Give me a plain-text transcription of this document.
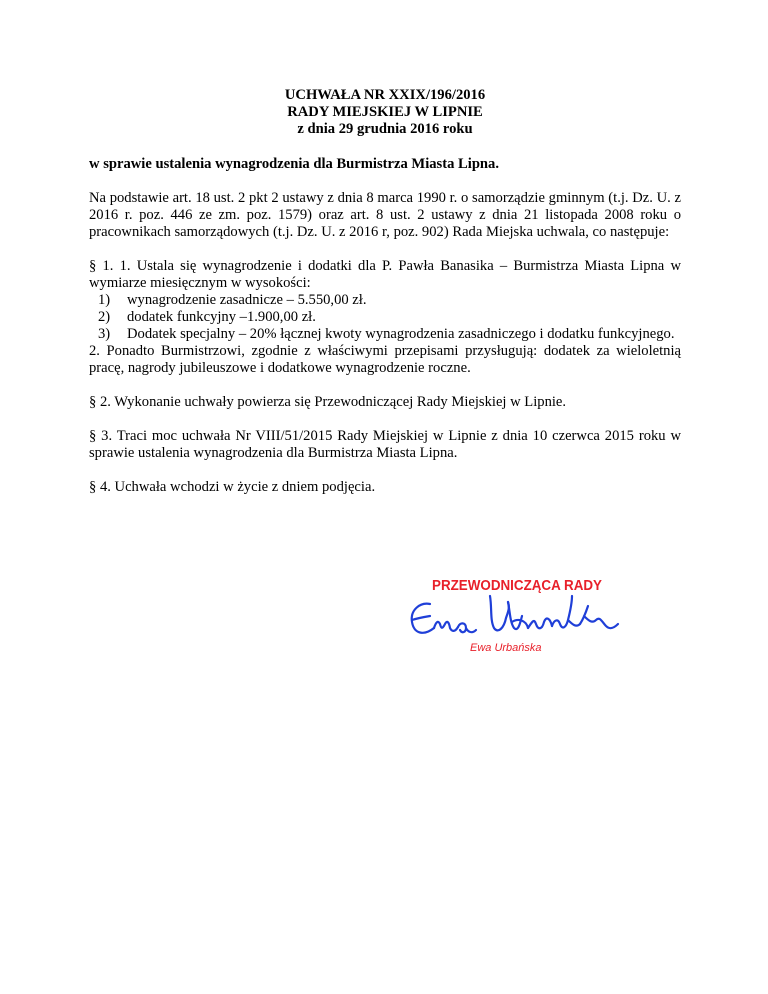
UCHWAŁA NR XXIX/196/2016
RADY MIEJSKIEJ W LIPNIE
z dnia 29 grudnia 2016 roku

w sprawie ustalenia wynagrodzenia dla Burmistrza Miasta Lipna.

Na podstawie art. 18 ust. 2 pkt 2 ustawy z dnia 8 marca 1990 r. o samorządzie gminnym (t.j. Dz. U. z 2016 r. poz. 446 ze zm. poz. 1579) oraz art. 8 ust. 2 ustawy z dnia 21 listopada 2008 roku o pracownikach samorządowych (t.j. Dz. U. z 2016 r, poz. 902) Rada Miejska uchwala, co następuje:

§ 1. 1. Ustala się wynagrodzenie i dodatki dla P. Pawła Banasika – Burmistrza Miasta Lipna w wymiarze miesięcznym w wysokości:

1) wynagrodzenie zasadnicze – 5.550,00 zł.
2) dodatek funkcyjny –1.900,00 zł.
3) Dodatek specjalny – 20% łącznej kwoty wynagrodzenia zasadniczego i dodatku funkcyjnego.

2. Ponadto Burmistrzowi, zgodnie z właściwymi przepisami przysługują: dodatek za wieloletnią pracę, nagrody jubileuszowe i dodatkowe wynagrodzenie roczne.

§ 2. Wykonanie uchwały powierza się Przewodniczącej Rady Miejskiej w Lipnie.

§ 3. Traci moc uchwała Nr VIII/51/2015 Rady Miejskiej w Lipnie z dnia 10 czerwca 2015 roku w sprawie ustalenia wynagrodzenia dla Burmistrza Miasta Lipna.

§ 4. Uchwała wchodzi w życie z dniem podjęcia.

PRZEWODNICZĄCA RADY
Ewa Urbańska
